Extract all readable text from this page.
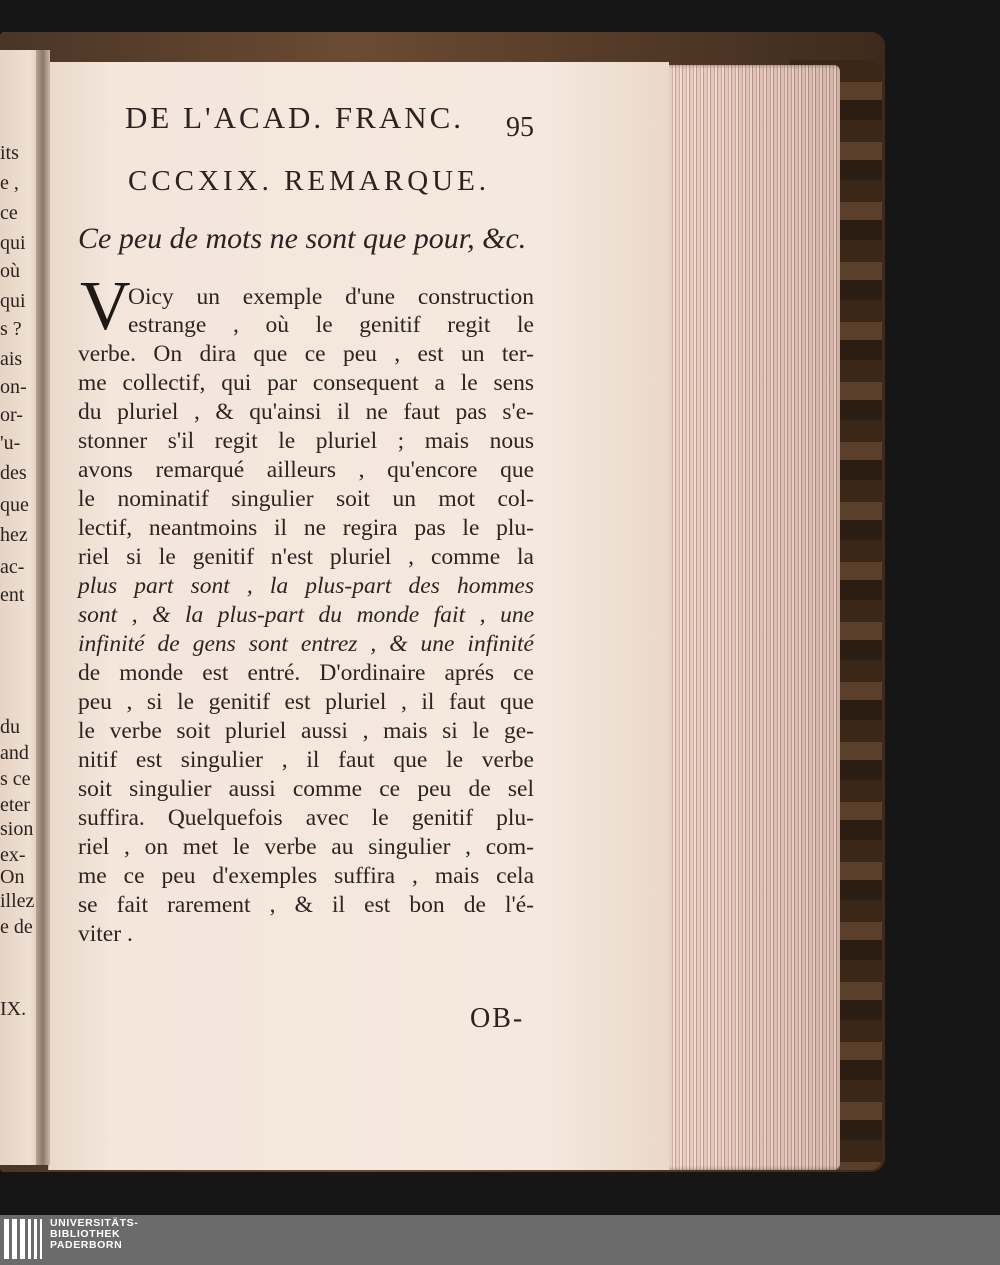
its
e ,
ce
qui
où
qui
s ?
ais
on-
or-
'u-
des
que
hez
ac-
ent
du
and
s ce
eter
sion
ex-
On
illez
e de
IX.
DE L'ACAD. FRANC. 95
CCCXIX. REMARQUE.
Ce peu de mots ne sont que pour, &c.
V
Oicy un exemple d'une construction
estrange , où le genitif regit le
verbe. On dira que ce peu , est un ter-
me collectif, qui par consequent a le sens
du pluriel , & qu'ainsi il ne faut pas s'e-
stonner s'il regit le pluriel ; mais nous
avons remarqué ailleurs , qu'encore que
le nominatif singulier soit un mot col-
lectif, neantmoins il ne regira pas le plu-
riel si le genitif n'est pluriel , comme la
plus part sont , la plus-part des hommes
sont , & la plus-part du monde fait , une
infinité de gens sont entrez , & une infinité
de monde est entré. D'ordinaire aprés ce
peu , si le genitif est pluriel , il faut que
le verbe soit pluriel aussi , mais si le ge-
nitif est singulier , il faut que le verbe
soit singulier aussi comme ce peu de sel
suffira. Quelquefois avec le genitif plu-
riel , on met le verbe au singulier , com-
me ce peu d'exemples suffira , mais cela
se fait rarement , & il est bon de l'é-
viter .
OB-
UNIVERSITÄTS-
BIBLIOTHEK
PADERBORN
